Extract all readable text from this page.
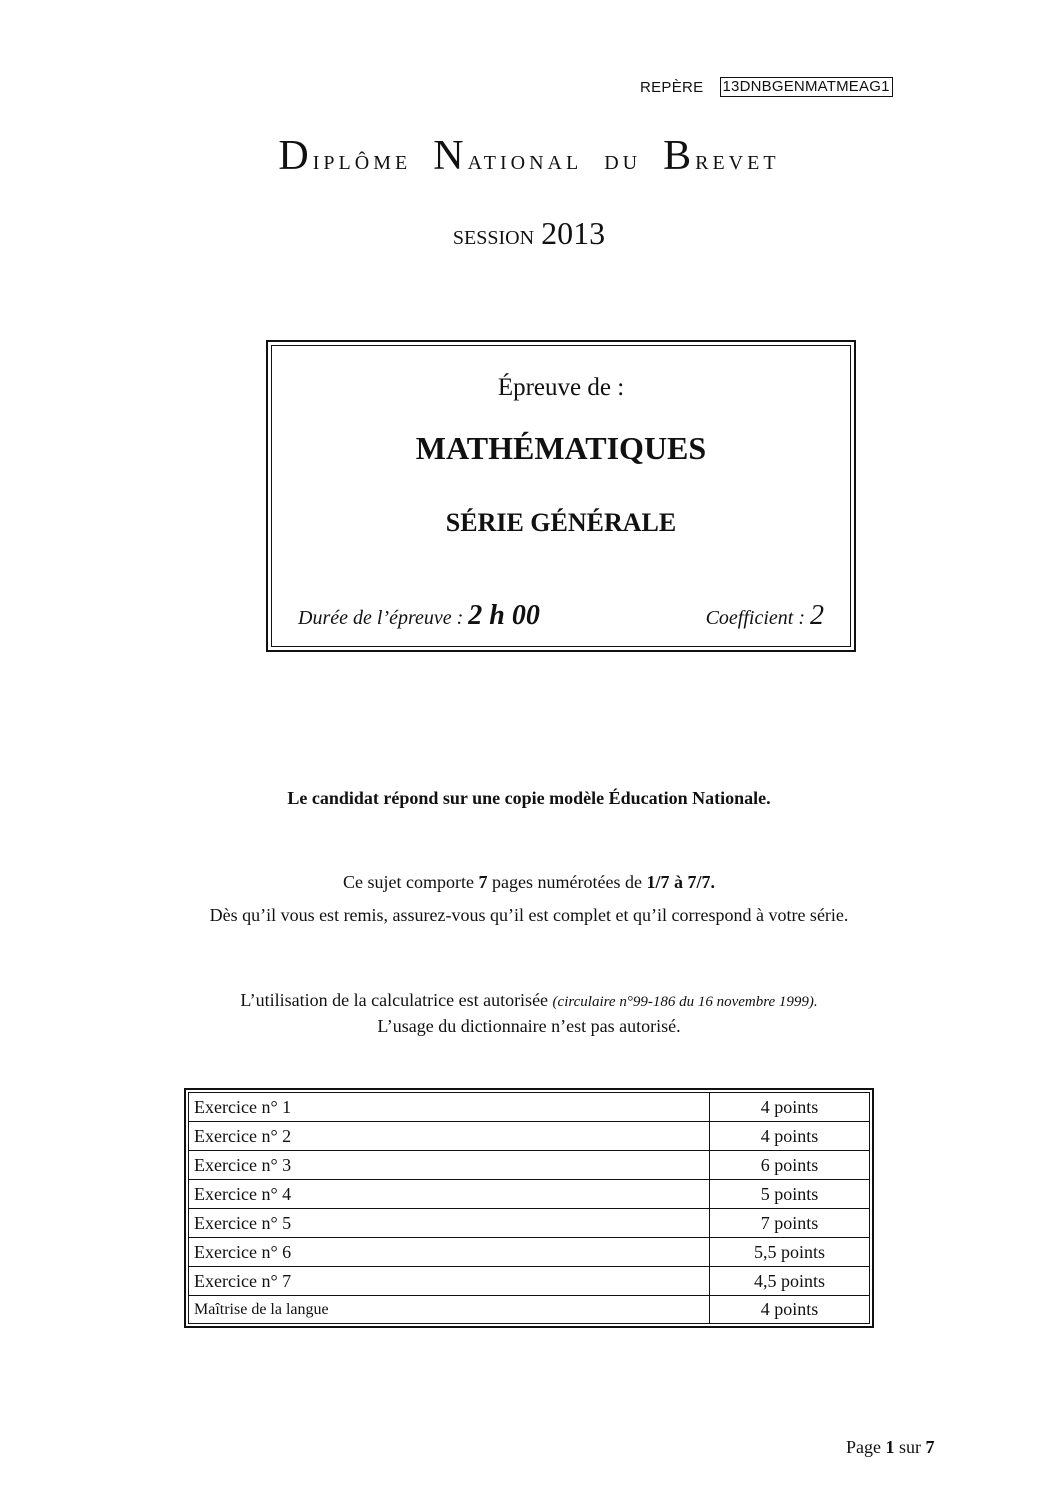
REPÈRE 13DNBGENMATMEAG1
Diplôme National du Brevet
session 2013
Épreuve de :
MATHÉMATIQUES
SÉRIE GÉNÉRALE
Durée de l’épreuve : 2 h 00	Coefficient : 2
Le candidat répond sur une copie modèle Éducation Nationale.
Ce sujet comporte 7 pages numérotées de 1/7 à 7/7.
Dès qu’il vous est remis, assurez-vous qu’il est complet et qu’il correspond à votre série.
L’utilisation de la calculatrice est autorisée (circulaire n°99-186 du 16 novembre 1999).
L’usage du dictionnaire n’est pas autorisé.
Exercice n° 1	4 points
Exercice n° 2	4 points
Exercice n° 3	6 points
Exercice n° 4	5 points
Exercice n° 5	7 points
Exercice n° 6	5,5 points
Exercice n° 7	4,5 points
Maîtrise de la langue	4 points
Page 1 sur 7
